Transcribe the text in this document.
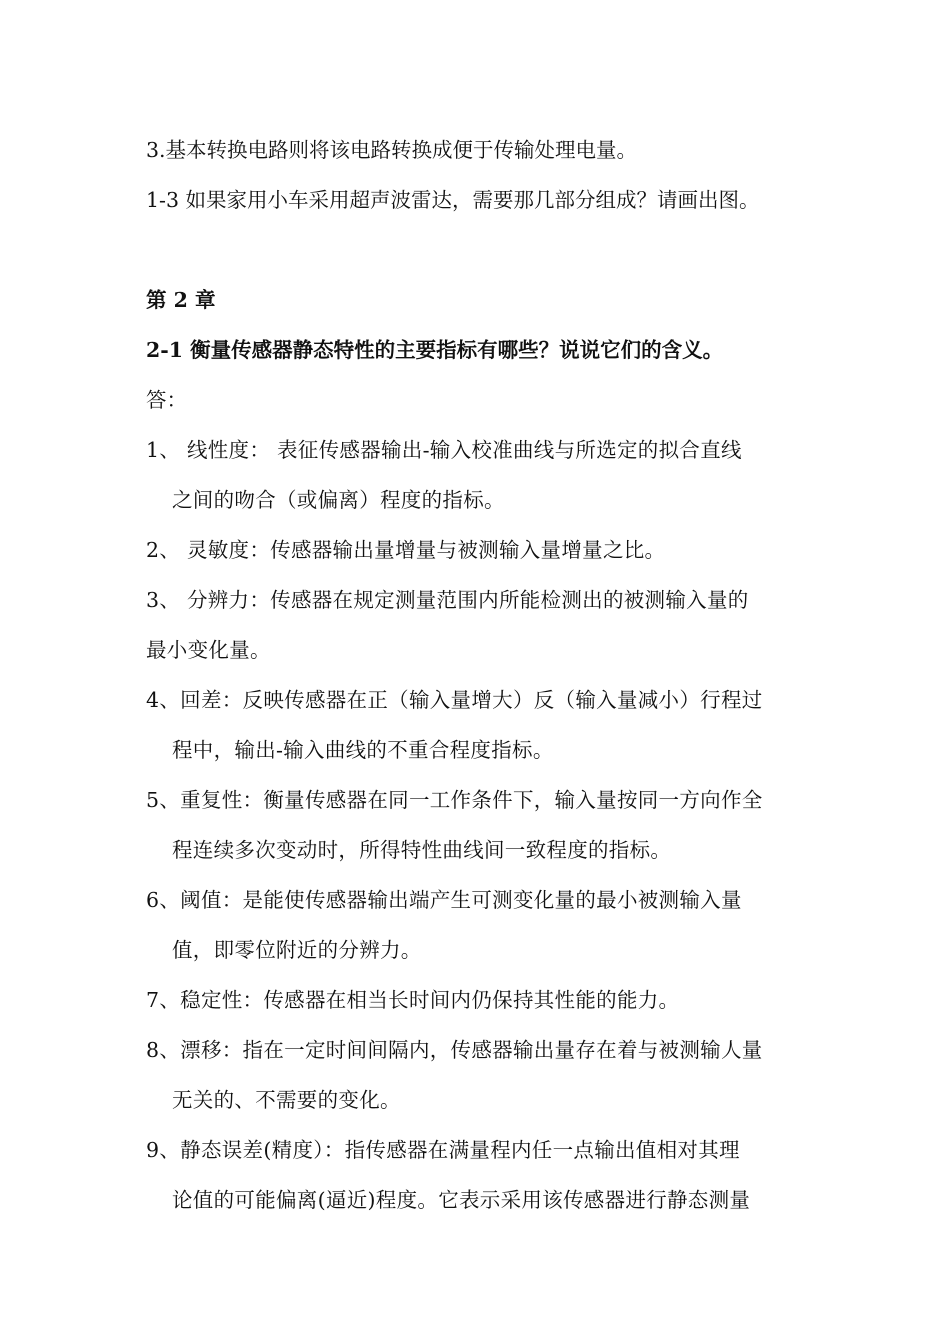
3.基本转换电路则将该电路转换成便于传输处理电量。
1-3 如果家用小车采用超声波雷达，需要那几部分组成？请画出图。
第 2 章
2-1 衡量传感器静态特性的主要指标有哪些？说说它们的含义。
答：
1、 线性度： 表征传感器输出-输入校准曲线与所选定的拟合直线
之间的吻合（或偏离）程度的指标。
2、 灵敏度：传感器输出量增量与被测输入量增量之比。
3、 分辨力：传感器在规定测量范围内所能检测出的被测输入量的
最小变化量。
4、回差：反映传感器在正（输入量增大）反（输入量减小）行程过
程中，输出-输入曲线的不重合程度指标。
5、重复性：衡量传感器在同一工作条件下，输入量按同一方向作全
程连续多次变动时，所得特性曲线间一致程度的指标。
6、阈值：是能使传感器输出端产生可测变化量的最小被测输入量
值，即零位附近的分辨力。
7、稳定性：传感器在相当长时间内仍保持其性能的能力。
8、漂移：指在一定时间间隔内，传感器输出量存在着与被测输人量
无关的、不需要的变化。
9、静态误差(精度）：指传感器在满量程内任一点输出值相对其理
论值的可能偏离(逼近)程度。它表示采用该传感器进行静态测量
